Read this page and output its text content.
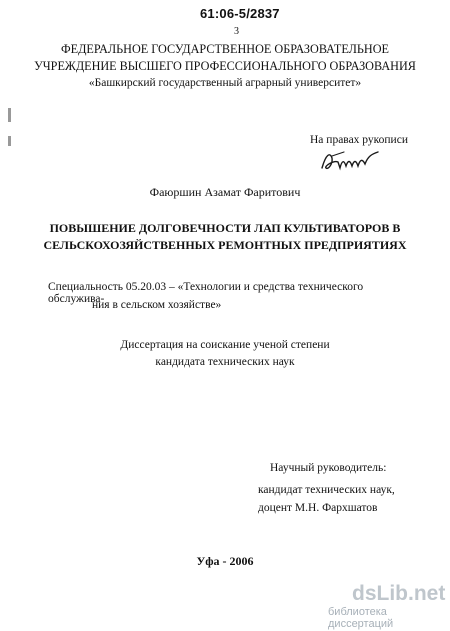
61:06-5/2837
3
ФЕДЕРАЛЬНОЕ ГОСУДАРСТВЕННОЕ ОБРАЗОВАТЕЛЬНОЕ
УЧРЕЖДЕНИЕ ВЫСШЕГО ПРОФЕССИОНАЛЬНОГО ОБРАЗОВАНИЯ
«Башкирский государственный аграрный университет»
На правах рукописи
Фаюршин Азамат Фаритович
ПОВЫШЕНИЕ ДОЛГОВЕЧНОСТИ ЛАП КУЛЬТИВАТОРОВ В
СЕЛЬСКОХОЗЯЙСТВЕННЫХ РЕМОНТНЫХ ПРЕДПРИЯТИЯХ
Специальность 05.20.03 – «Технологии и средства технического обслужива-
ния в сельском хозяйстве»
Диссертация на соискание ученой степени
кандидата технических наук
Научный руководитель:
кандидат технических наук,
доцент М.Н. Фархшатов
Уфа - 2006
dsLib.net
библиотека диссертаций
